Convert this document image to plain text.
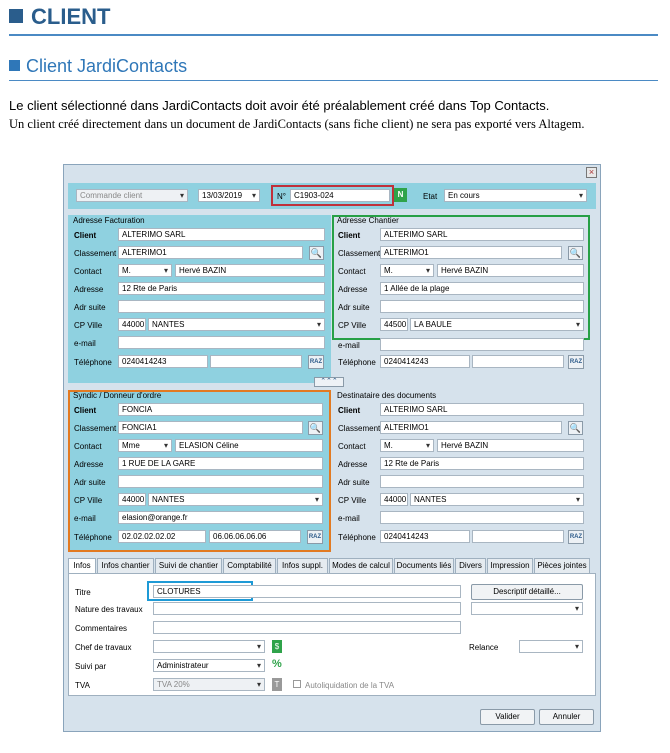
CLIENT
Client JardiContacts
Le client sélectionné dans JardiContacts doit avoir été préalablement créé dans Top Contacts.
Un client créé directement dans un document de JardiContacts (sans fiche client) ne sera pas exporté vers Altagem.
×
Commande client ▾	13/03/2019 ▾	N°	C1903-024	N	Etat	En cours ▾
Adresse Facturation
Client	ALTERIMO SARL
Classement ALTERIMO1	🔍
Contact	M. ▾	Hervé BAZIN
Adresse	12 Rte de Paris
Adr suite
CP Ville	44000 NANTES ▾
e-mail
Téléphone	0240414243	RAZ
Adresse Chantier
Client	ALTERIMO SARL
Classement ALTERIMO1	🔍
Contact	M. ▾	Hervé BAZIN
Adresse	1 Allée de la plage
Adr suite
CP Ville	44500 LA BAULE ▾
e-mail
Téléphone	0240414243	RAZ
⌃⌃⌃
Syndic / Donneur d'ordre
Client	FONCIA
Classement FONCIA1	🔍
Contact	Mme ▾	ELASION Céline
Adresse	1 RUE DE LA GARE
Adr suite
CP Ville	44000 NANTES ▾
e-mail	elasion@orange.fr
Téléphone	02.02.02.02.02	06.06.06.06.06	RAZ
Destinataire des documents
Client	ALTERIMO SARL
Classement ALTERIMO1	🔍
Contact	M. ▾	Hervé BAZIN
Adresse	12 Rte de Paris
Adr suite
CP Ville	44000 NANTES ▾
e-mail
Téléphone	0240414243	RAZ
Infos	Infos chantier	Suivi de chantier	Comptabilité	Infos suppl.	Modes de calcul Documents liés Divers	Impression Pièces jointes
Titre	CLOTURES	Descriptif détaillé...
Nature des travaux
▾
Commentaires
Chef de travaux
▾	$	Relance
▾
Suivi par	Administrateur ▾	%
TVA	TVA 20% ▾	T	Autoliquidation de la TVA
Valider	Annuler
